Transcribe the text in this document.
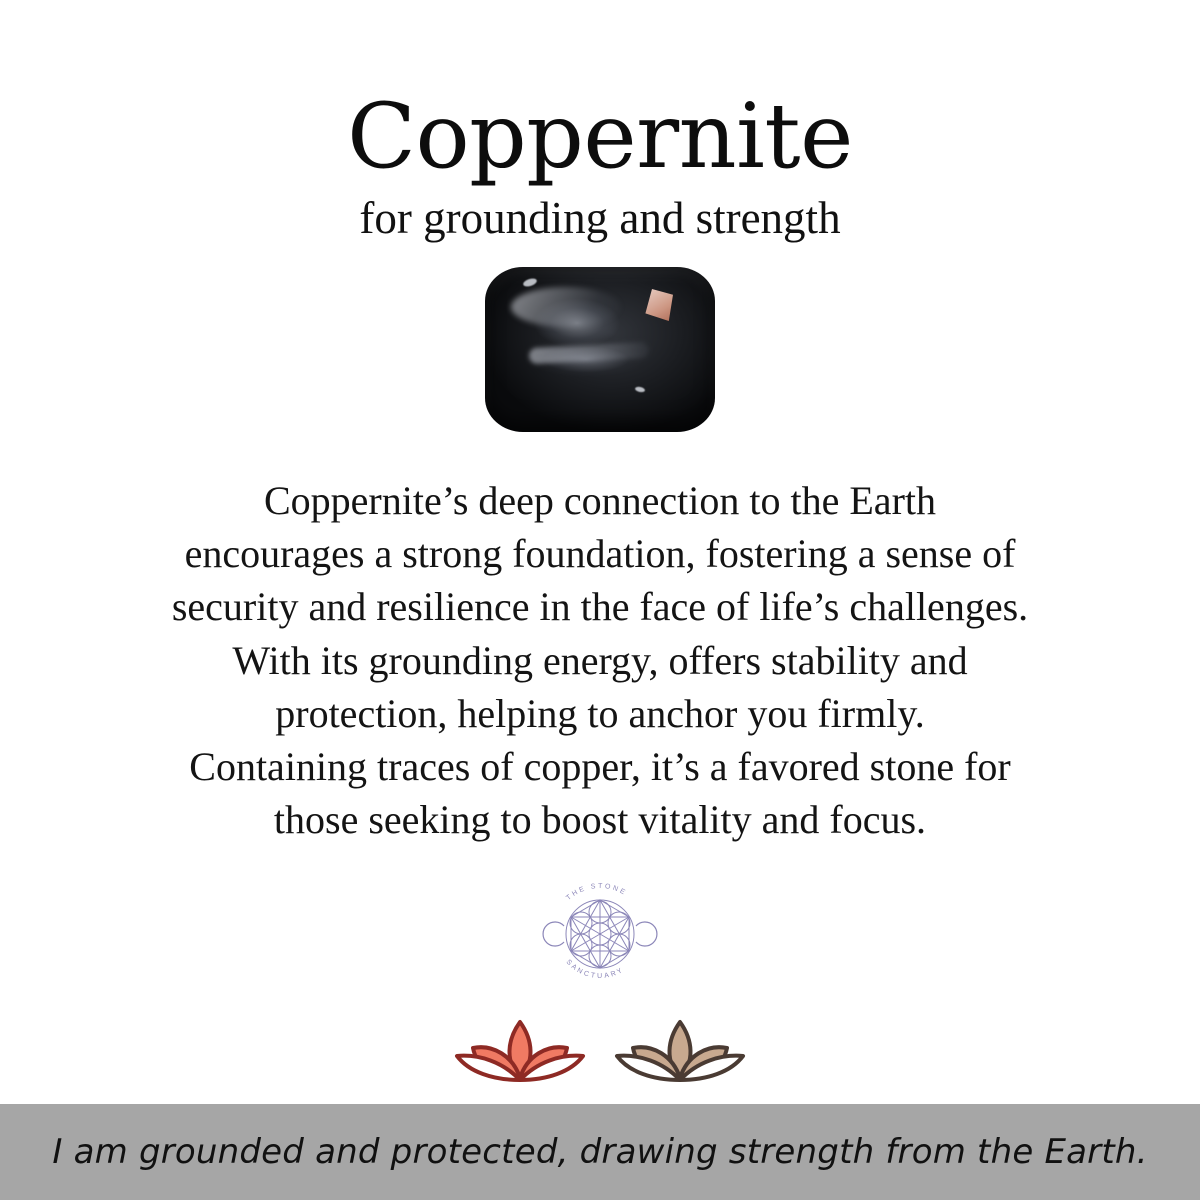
Coppernite
for grounding and strength
Coppernite’s deep connection to the Earth
encourages a strong foundation, fostering a sense of
security and resilience in the face of life’s challenges.
With its grounding energy, offers stability and
protection, helping to anchor you firmly.
Containing traces of copper, it’s a favored stone for
those seeking to boost vitality and focus.
THE STONE
SANCTUARY
I am grounded and protected, drawing strength from the Earth.
